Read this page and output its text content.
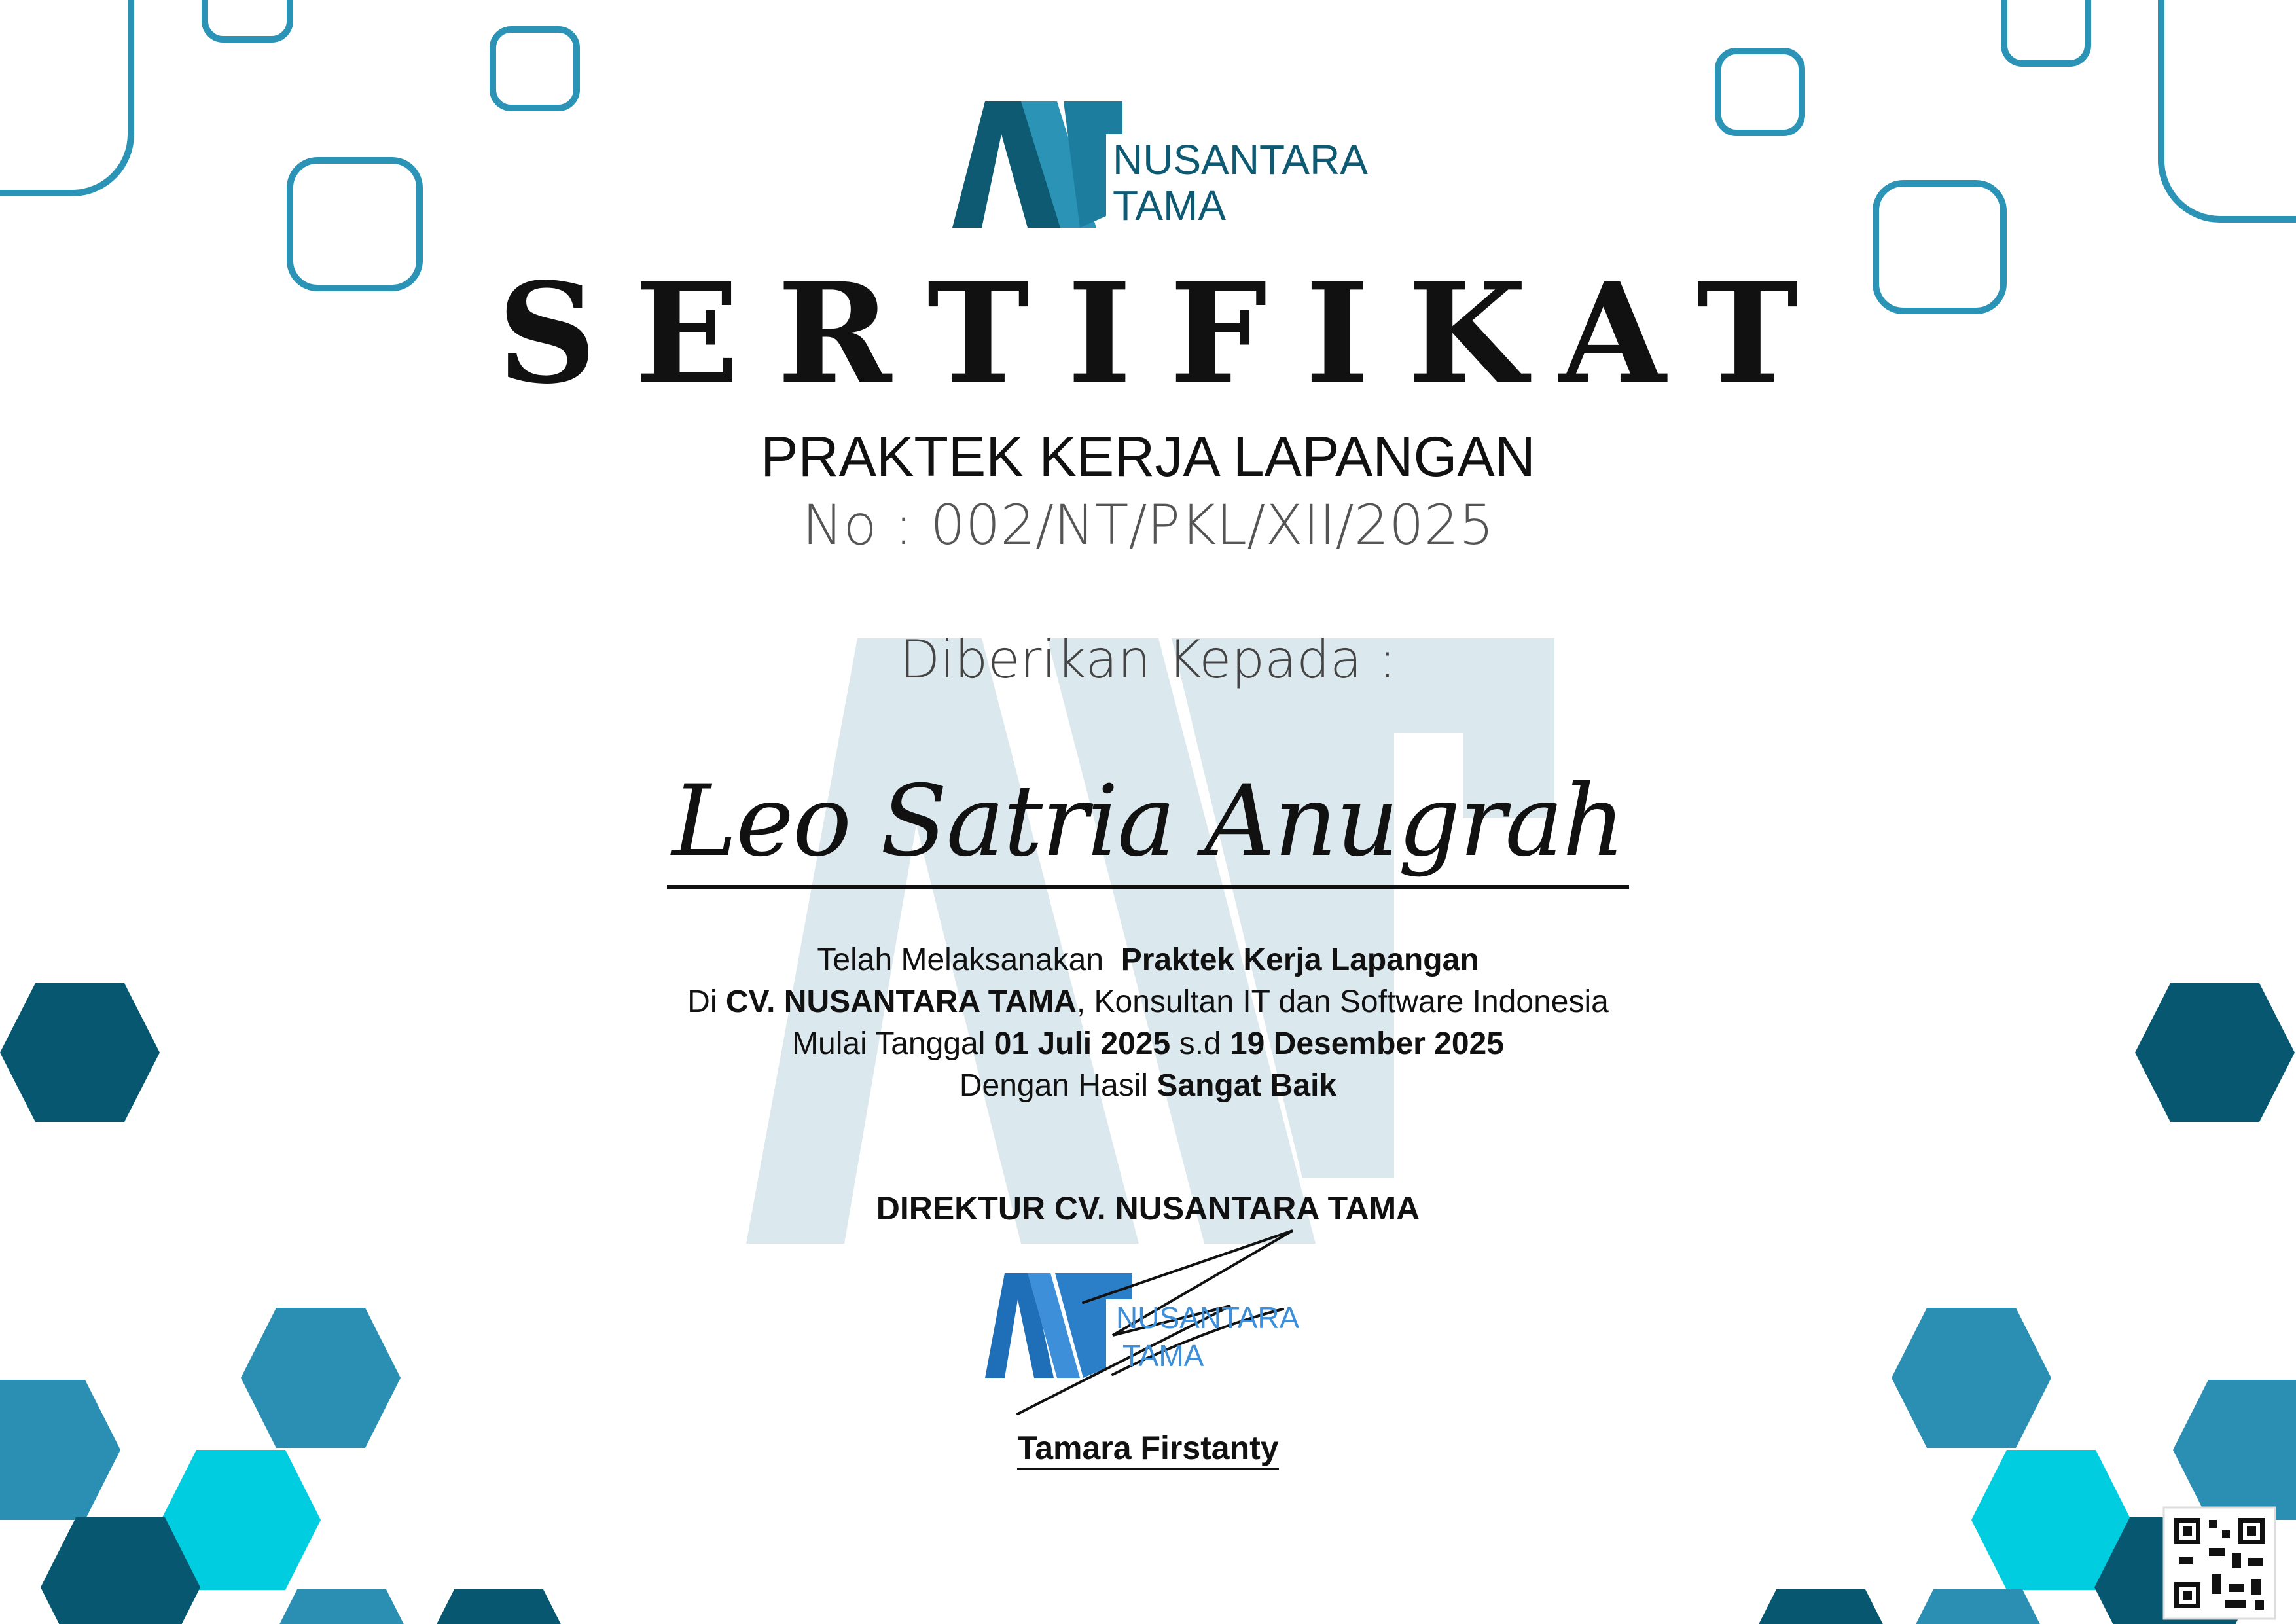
NUSANTARA
TAMA
SERTIFIKAT
PRAKTEK KERJA LAPANGAN
No : 002/NT/PKL/XII/2025
Diberikan Kepada :
Leo Satria Anugrah
Telah Melaksanakan Praktek Kerja Lapangan
Di CV. NUSANTARA TAMA, Konsultan IT dan Software Indonesia
Mulai Tanggal 01 Juli 2025 s.d 19 Desember 2025
Dengan Hasil Sangat Baik
DIREKTUR CV. NUSANTARA TAMA
NUSANTARA
TAMA
Tamara Firstanty
